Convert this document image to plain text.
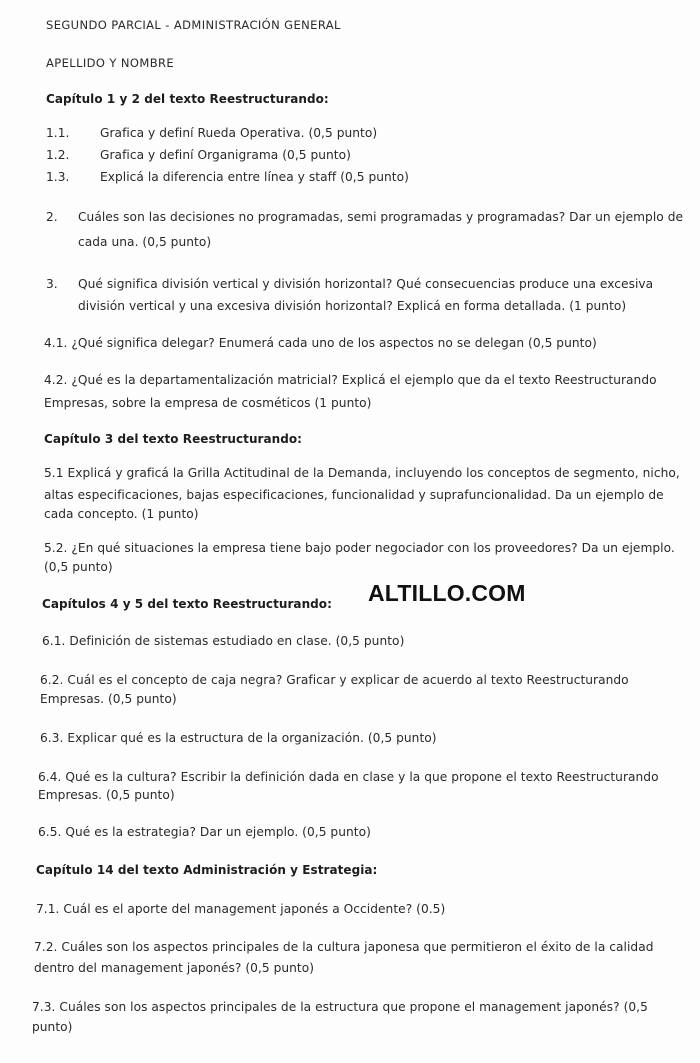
SEGUNDO PARCIAL - ADMINISTRACIÓN GENERAL
APELLIDO Y NOMBRE
Capítulo 1 y 2 del texto Reestructurando:
1.1.	Grafica y definí Rueda Operativa. (0,5 punto)
1.2.	Grafica y definí Organigrama (0,5 punto)
1.3.	Explicá la diferencia entre línea y staff (0,5 punto)
2. Cuáles son las decisiones no programadas, semi programadas y programadas? Dar un ejemplo de
cada una. (0,5 punto)
3. Qué significa división vertical y división horizontal? Qué consecuencias produce una excesiva
división vertical y una excesiva división horizontal? Explicá en forma detallada. (1 punto)
4.1. ¿Qué significa delegar? Enumerá cada uno de los aspectos no se delegan (0,5 punto)
4.2. ¿Qué es la departamentalización matricial? Explicá el ejemplo que da el texto Reestructurando
Empresas, sobre la empresa de cosméticos (1 punto)
Capítulo 3 del texto Reestructurando:
5.1 Explicá y graficá la Grilla Actitudinal de la Demanda, incluyendo los conceptos de segmento, nicho,
altas especificaciones, bajas especificaciones, funcionalidad y suprafuncionalidad. Da un ejemplo de
cada concepto. (1 punto)
5.2. ¿En qué situaciones la empresa tiene bajo poder negociador con los proveedores? Da un ejemplo.
(0,5 punto)
Capítulos 4 y 5 del texto Reestructurando: ALTILLO.COM
6.1. Definición de sistemas estudiado en clase. (0,5 punto)
6.2. Cuál es el concepto de caja negra? Graficar y explicar de acuerdo al texto Reestructurando
Empresas. (0,5 punto)
6.3. Explicar qué es la estructura de la organización. (0,5 punto)
6.4. Qué es la cultura? Escribir la definición dada en clase y la que propone el texto Reestructurando
Empresas. (0,5 punto)
6.5. Qué es la estrategia? Dar un ejemplo. (0,5 punto)
Capítulo 14 del texto Administración y Estrategia:
7.1. Cuál es el aporte del management japonés a Occidente? (0.5)
7.2. Cuáles son los aspectos principales de la cultura japonesa que permitieron el éxito de la calidad
dentro del management japonés? (0,5 punto)
7.3. Cuáles son los aspectos principales de la estructura que propone el management japonés? (0,5
punto)
